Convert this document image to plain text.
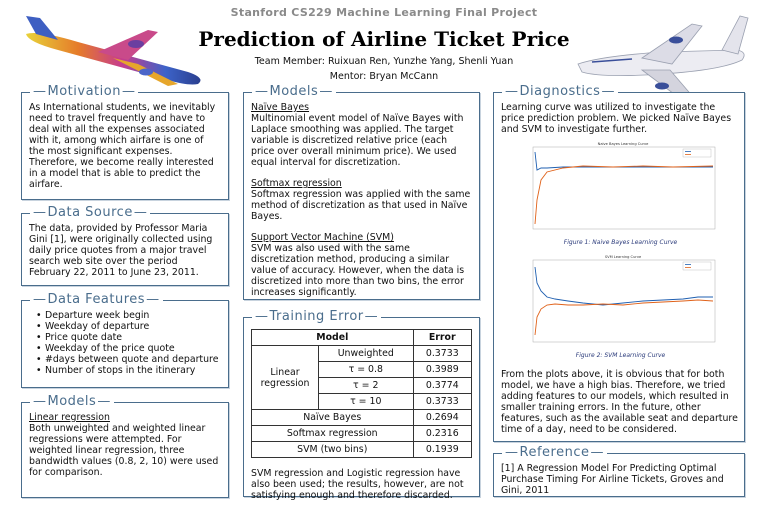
Stanford CS229 Machine Learning Final Project
Prediction of Airline Ticket Price
Team Member: Ruixuan Ren, Yunzhe Yang, Shenli Yuan
Mentor: Bryan McCann
— Motivation —

As International students, we inevitably need to travel frequently and have to deal with all the expenses associated with it, among which airfare is one of the most significant expenses. Therefore, we become really interested in a model that is able to predict the airfare.

— Data Source —

The data, provided by Professor Maria Gini [1], were originally collected using daily price quotes from a major travel search web site over the period February 22, 2011 to June 23, 2011.

— Data Features —
• Departure week begin
• Weekday of departure
• Price quote date
• Weekday of the price quote
• #days between quote and departure
• Number of stops in the itinerary
— Models —

Linear regression

Both unweighted and weighted linear regressions were attempted. For weighted linear regression, three bandwidth values (0.8, 2, 10) were used for comparison.

— Models —

Naïve Bayes

Multinomial event model of Naïve Bayes with Laplace smoothing was applied. The target variable is discretized relative price (each price over overall minimum price). We used equal interval for discretization.

Softmax regression

Softmax regression was applied with the same method of discretization as that used in Naïve Bayes.

Support Vector Machine (SVM)

SVM was also used with the same discretization method, producing a similar value of accuracy. However, when the data is discretized into more than two bins, the error increases significantly.

— Training Error —
Model		Error
Linear regression	Unweighted	0.3733
	τ = 0.8	0.3989
	τ = 2	0.3774
	τ = 10	0.3733
Naïve Bayes		0.2694
Softmax regression		0.2316
SVM (two bins)		0.1939

SVM regression and Logistic regression have also been used; the results, however, are not satisfying enough and therefore discarded.

— Diagnostics —

Learning curve was utilized to investigate the price prediction problem. We picked Naïve Bayes and SVM to investigate further.

From the plots above, it is obvious that for both model, we have a high bias. Therefore, we tried adding features to our models, which resulted in smaller training errors. In the future, other features, such as the available seat and departure time of a day, need to be considered.

Naive Bayes Learning Curve
Figure 1: Naive Bayes Learning Curve
SVM Learning Curve
Figure 2: SVM Learning Curve
— Reference —

[1] A Regression Model For Predicting Optimal Purchase Timing For Airline Tickets, Groves and Gini, 2011
